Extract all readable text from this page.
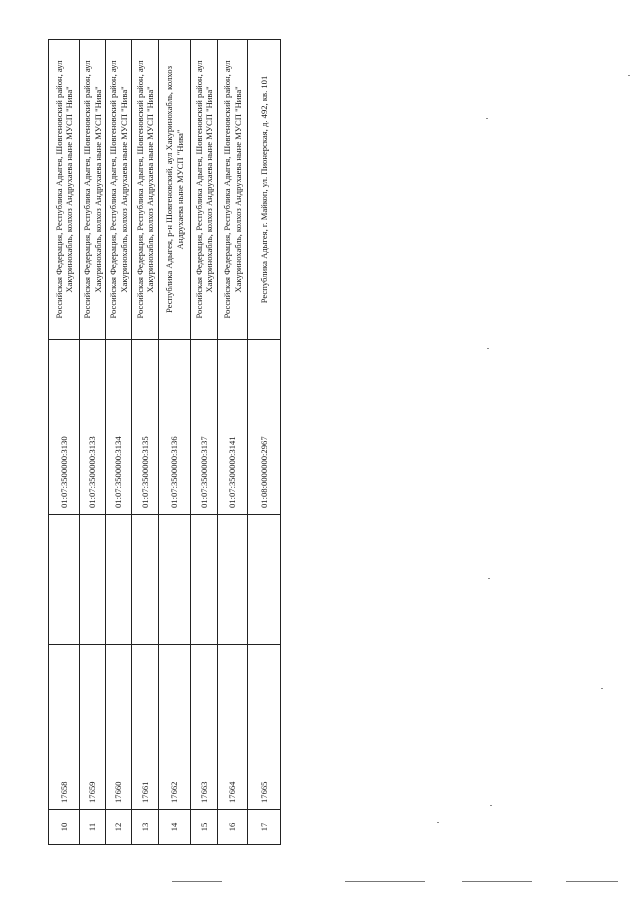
10	17658		01:07:3500000:3130	Российская Федерация, Республика Адыгея, Шовгеновский район, аул Хакуринохабль, колхоз Андрухаева ныне МУСП "Нива"
11	17659		01:07:3500000:3133	Российская Федерация, Республика Адыгея, Шовгеновский район, аул Хакуринохабль, колхоз Андрухаева ныне МУСП "Нива"
12	17660		01:07:3500000:3134	Российская Федерация, Республика Адыгея, Шовгеновский район, аул Хакуринохабль, колхоз Андрухаева ныне МУСП "Нива"
13	17661		01:07:3500000:3135	Российская Федерация, Республика Адыгея, Шовгеновский район, аул Хакуринохабль, колхоз Андрухаева ныне МУСП "Нива"
14	17662		01:07:3500000:3136	Республика Адыгея, р-н Шовгеновский, аул Хакуринохабль, колхоз Андрухаева ныне МУСП "Нива"
15	17663		01:07:3500000:3137	Российская Федерация, Республика Адыгея, Шовгеновский район, аул Хакуринохабль, колхоз Андрухаева ныне МУСП "Нива"
16	17664		01:07:3500000:3141	Российская Федерация, Республика Адыгея, Шовгеновский район, аул Хакуринохабль, колхоз Андрухаева ныне МУСП "Нива"
17	17665		01:08:0000000:2967	Республика Адыгея, г. Майкоп, ул. Пионерская, д. 492, кв. 101
